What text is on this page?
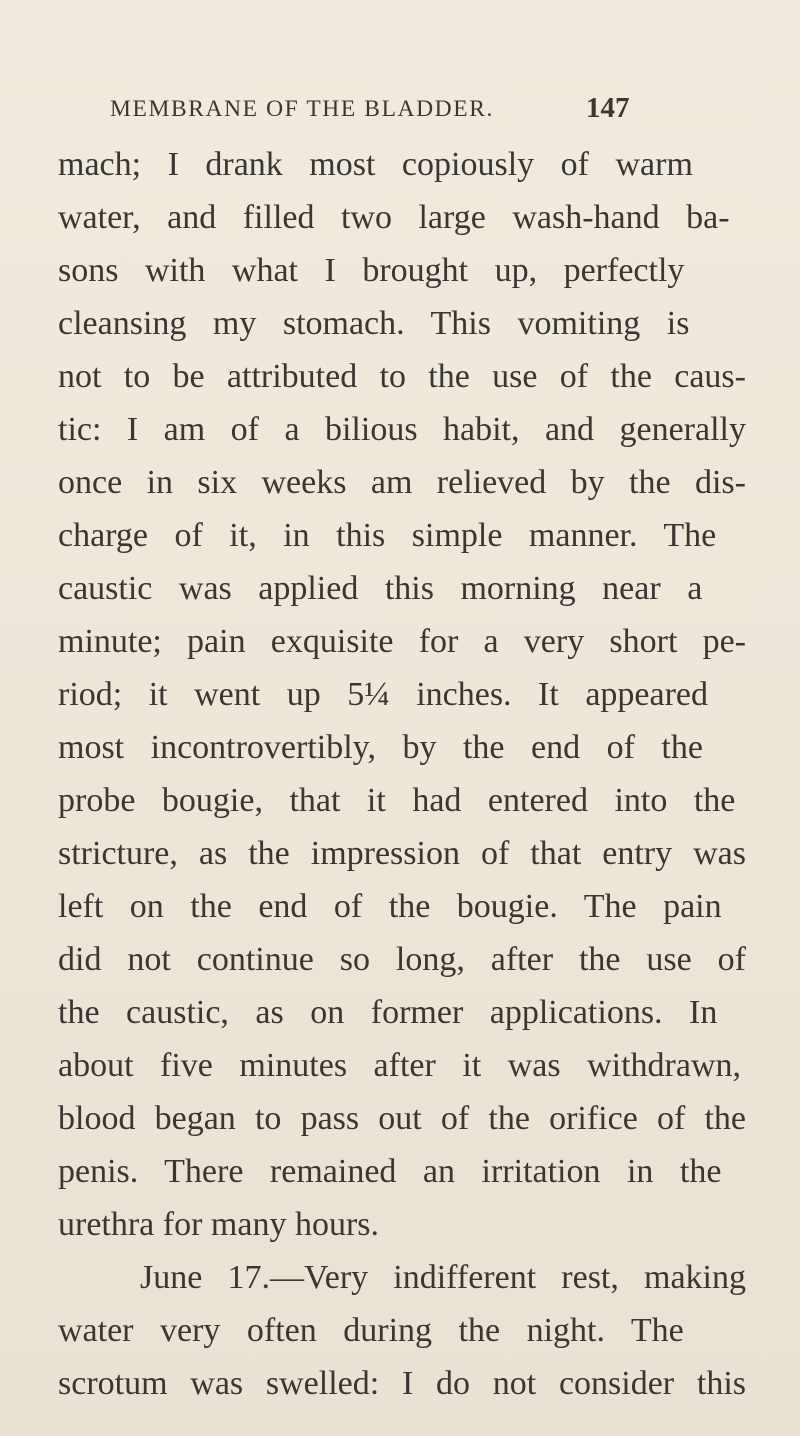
MEMBRANE OF THE BLADDER.	147
mach; I drank most copiously of warm
water, and filled two large wash-hand ba-
sons with what I brought up, perfectly
cleansing my stomach. This vomiting is
not to be attributed to the use of the caus-
tic: I am of a bilious habit, and generally
once in six weeks am relieved by the dis-
charge of it, in this simple manner. The
caustic was applied this morning near a
minute; pain exquisite for a very short pe-
riod; it went up 5¼ inches. It appeared
most incontrovertibly, by the end of the
probe bougie, that it had entered into the
stricture, as the impression of that entry was
left on the end of the bougie. The pain
did not continue so long, after the use of
the caustic, as on former applications. In
about five minutes after it was withdrawn,
blood began to pass out of the orifice of the
penis. There remained an irritation in the
urethra for many hours.
June 17.—Very indifferent rest, making
water very often during the night. The
scrotum was swelled: I do not consider this
